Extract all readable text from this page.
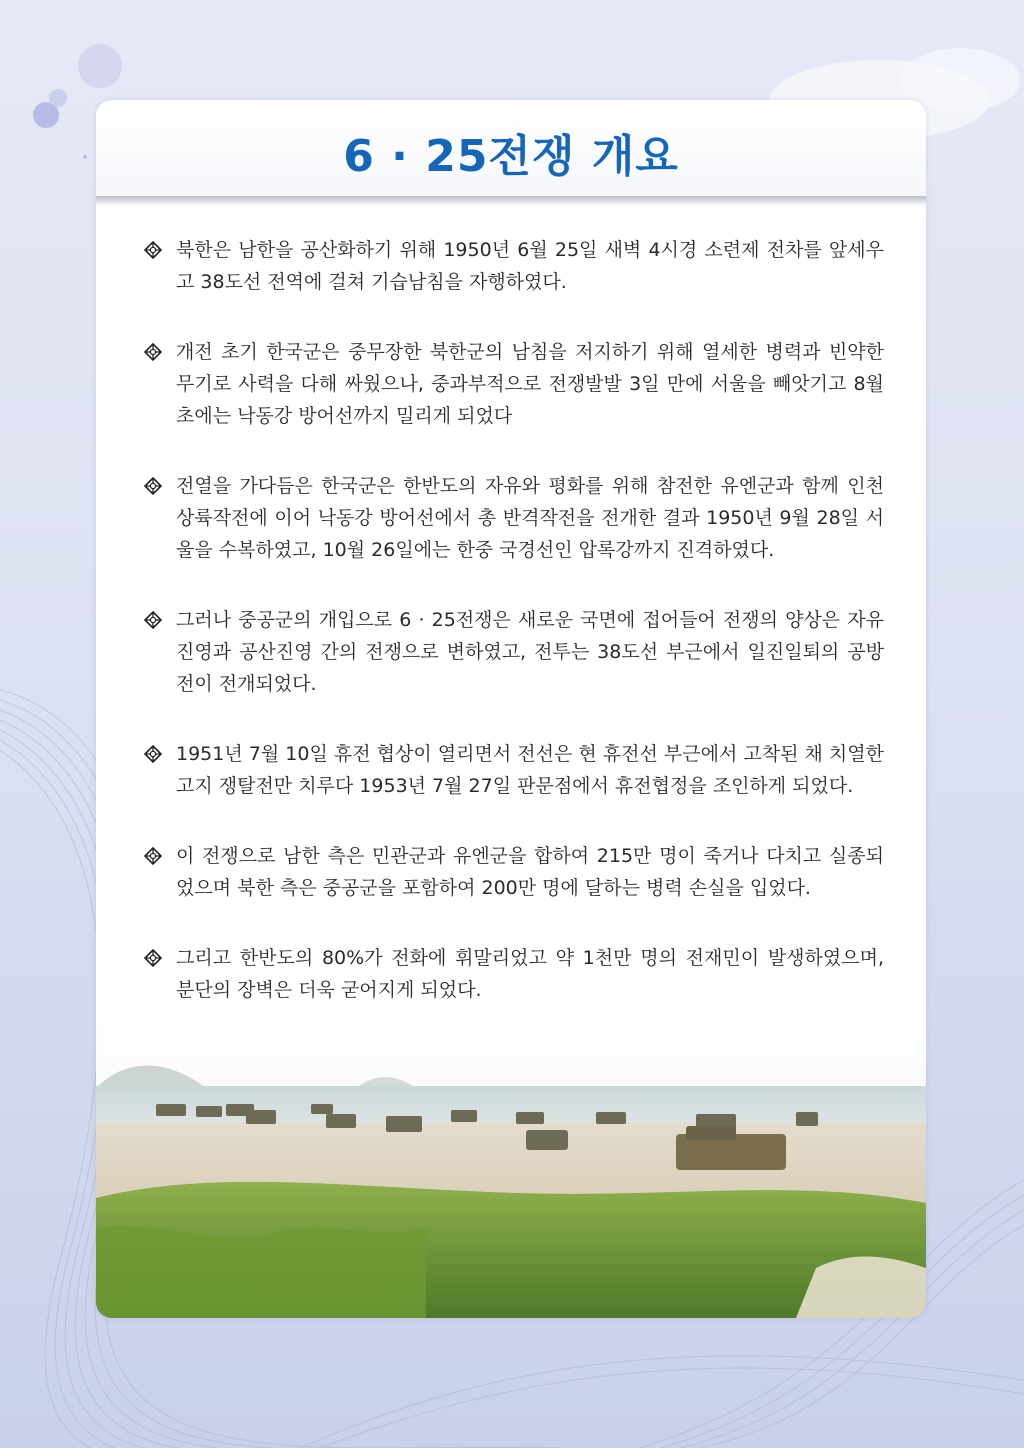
6 · 25전쟁 개요
북한은 남한을 공산화하기 위해 1950년 6월 25일 새벽 4시경 소련제 전차를 앞세우고 38도선 전역에 걸쳐 기습남침을 자행하였다.
개전 초기 한국군은 중무장한 북한군의 남침을 저지하기 위해 열세한 병력과 빈약한 무기로 사력을 다해 싸웠으나, 중과부적으로 전쟁발발 3일 만에 서울을 빼앗기고 8월 초에는 낙동강 방어선까지 밀리게 되었다
전열을 가다듬은 한국군은 한반도의 자유와 평화를 위해 참전한 유엔군과 함께 인천 상륙작전에 이어 낙동강 방어선에서 총 반격작전을 전개한 결과 1950년 9월 28일 서울을 수복하였고, 10월 26일에는 한중 국경선인 압록강까지 진격하였다.
그러나 중공군의 개입으로 6 · 25전쟁은 새로운 국면에 접어들어 전쟁의 양상은 자유진영과 공산진영 간의 전쟁으로 변하였고, 전투는 38도선 부근에서 일진일퇴의 공방전이 전개되었다.
1951년 7월 10일 휴전 협상이 열리면서 전선은 현 휴전선 부근에서 고착된 채 치열한 고지 쟁탈전만 치루다 1953년 7월 27일 판문점에서 휴전협정을 조인하게 되었다.
이 전쟁으로 남한 측은 민관군과 유엔군을 합하여 215만 명이 죽거나 다치고 실종되었으며 북한 측은 중공군을 포함하여 200만 명에 달하는 병력 손실을 입었다.
그리고 한반도의 80%가 전화에 휘말리었고 약 1천만 명의 전재민이 발생하였으며, 분단의 장벽은 더욱 굳어지게 되었다.
